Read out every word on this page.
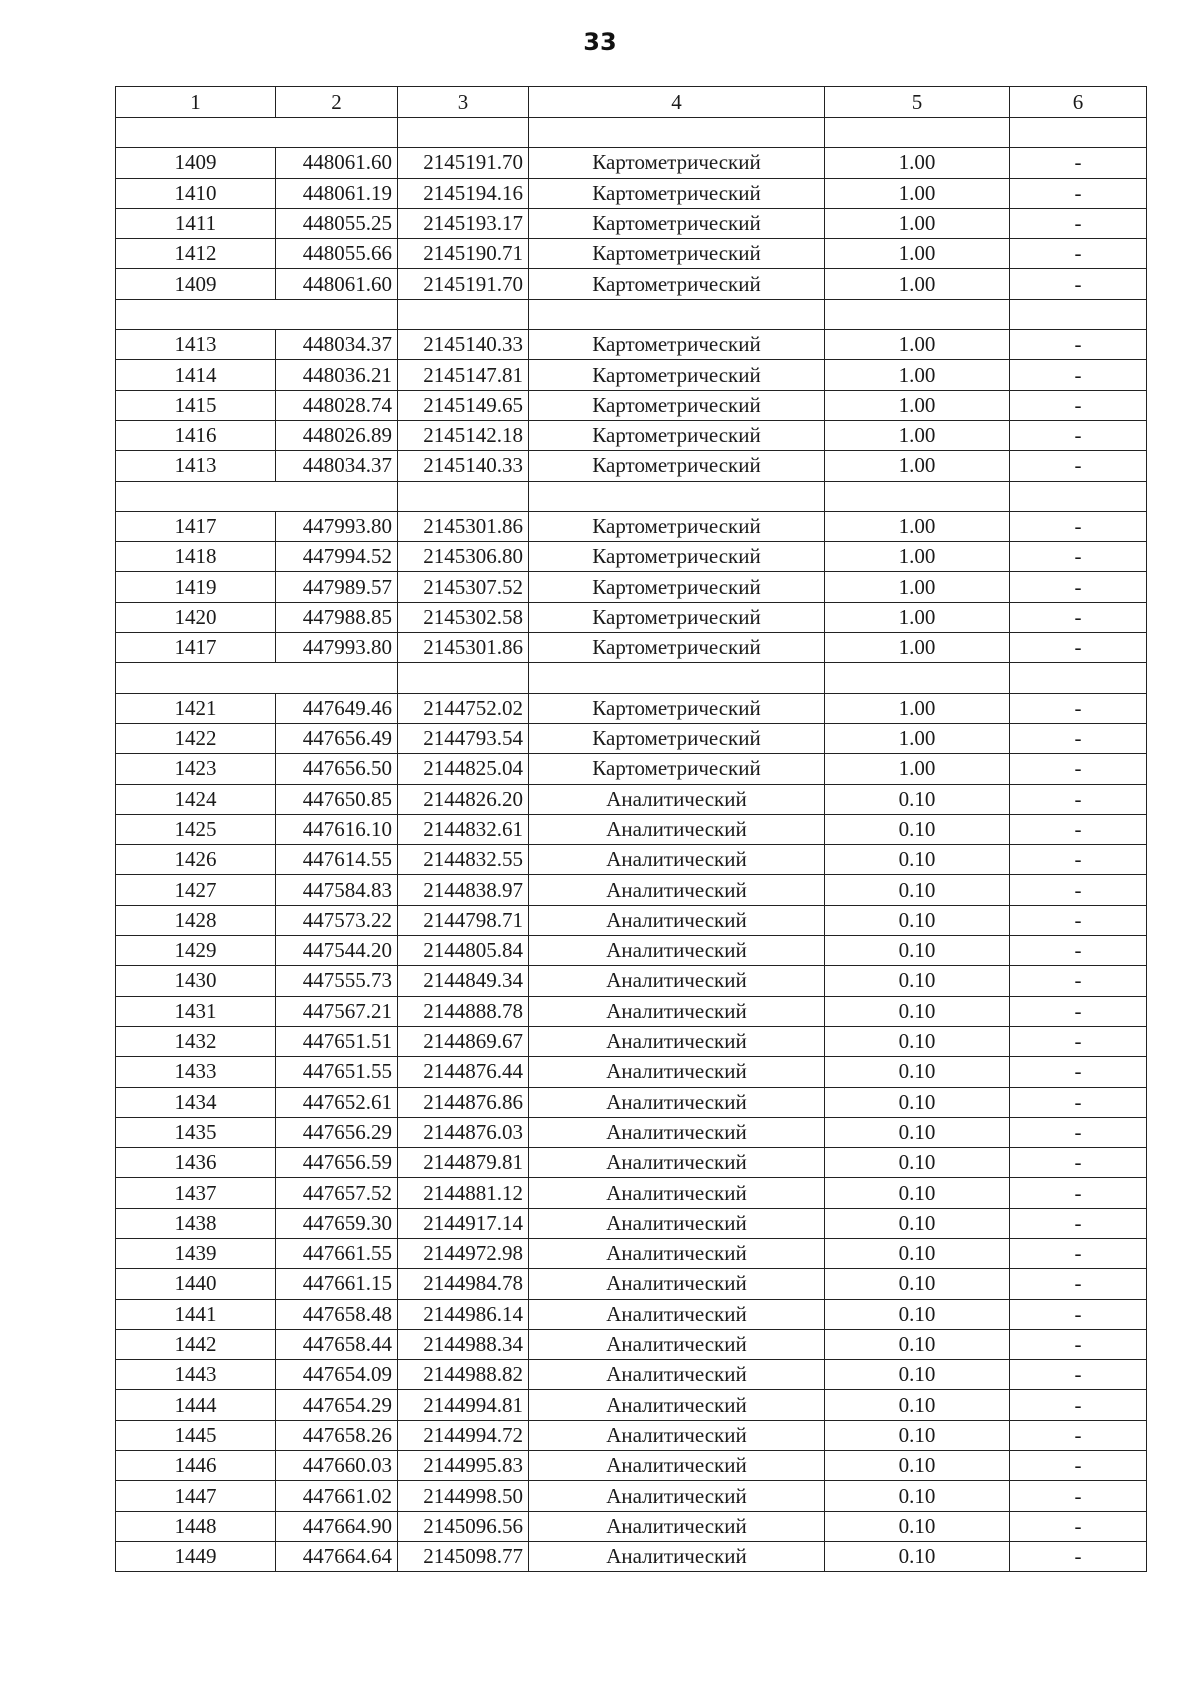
33
1	2	3	4	5	6

1409	448061.60	2145191.70	Картометрический	1.00	-
1410	448061.19	2145194.16	Картометрический	1.00	-
1411	448055.25	2145193.17	Картометрический	1.00	-
1412	448055.66	2145190.71	Картометрический	1.00	-
1409	448061.60	2145191.70	Картометрический	1.00	-

1413	448034.37	2145140.33	Картометрический	1.00	-
1414	448036.21	2145147.81	Картометрический	1.00	-
1415	448028.74	2145149.65	Картометрический	1.00	-
1416	448026.89	2145142.18	Картометрический	1.00	-
1413	448034.37	2145140.33	Картометрический	1.00	-

1417	447993.80	2145301.86	Картометрический	1.00	-
1418	447994.52	2145306.80	Картометрический	1.00	-
1419	447989.57	2145307.52	Картометрический	1.00	-
1420	447988.85	2145302.58	Картометрический	1.00	-
1417	447993.80	2145301.86	Картометрический	1.00	-

1421	447649.46	2144752.02	Картометрический	1.00	-
1422	447656.49	2144793.54	Картометрический	1.00	-
1423	447656.50	2144825.04	Картометрический	1.00	-
1424	447650.85	2144826.20	Аналитический	0.10	-
1425	447616.10	2144832.61	Аналитический	0.10	-
1426	447614.55	2144832.55	Аналитический	0.10	-
1427	447584.83	2144838.97	Аналитический	0.10	-
1428	447573.22	2144798.71	Аналитический	0.10	-
1429	447544.20	2144805.84	Аналитический	0.10	-
1430	447555.73	2144849.34	Аналитический	0.10	-
1431	447567.21	2144888.78	Аналитический	0.10	-
1432	447651.51	2144869.67	Аналитический	0.10	-
1433	447651.55	2144876.44	Аналитический	0.10	-
1434	447652.61	2144876.86	Аналитический	0.10	-
1435	447656.29	2144876.03	Аналитический	0.10	-
1436	447656.59	2144879.81	Аналитический	0.10	-
1437	447657.52	2144881.12	Аналитический	0.10	-
1438	447659.30	2144917.14	Аналитический	0.10	-
1439	447661.55	2144972.98	Аналитический	0.10	-
1440	447661.15	2144984.78	Аналитический	0.10	-
1441	447658.48	2144986.14	Аналитический	0.10	-
1442	447658.44	2144988.34	Аналитический	0.10	-
1443	447654.09	2144988.82	Аналитический	0.10	-
1444	447654.29	2144994.81	Аналитический	0.10	-
1445	447658.26	2144994.72	Аналитический	0.10	-
1446	447660.03	2144995.83	Аналитический	0.10	-
1447	447661.02	2144998.50	Аналитический	0.10	-
1448	447664.90	2145096.56	Аналитический	0.10	-
1449	447664.64	2145098.77	Аналитический	0.10	-
